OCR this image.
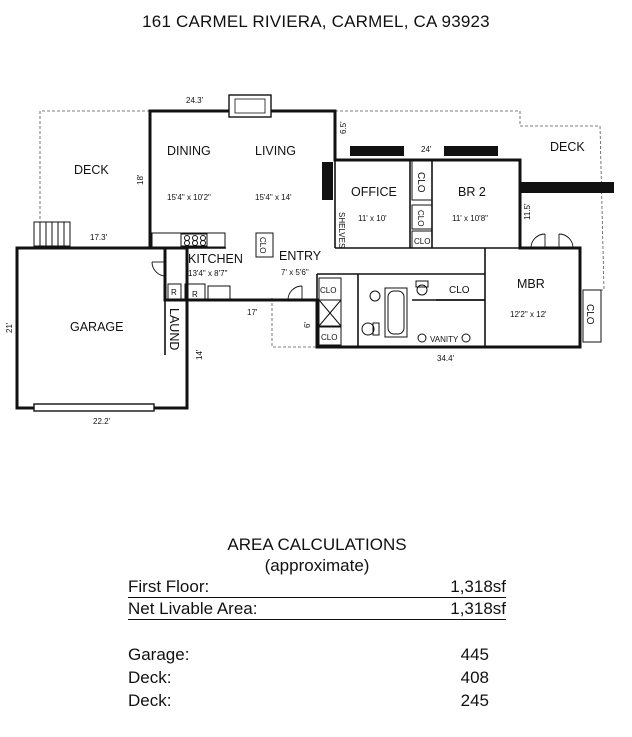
161 CARMEL RIVIERA, CARMEL, CA 93923
DECK
DINING
15'4" x 10'2"
LIVING
15'4" x 14'	OFFICE
11' x 10'
BR 2
11' x 10'8"
DECK
KITCHEN
13'4" x 8'7"
ENTRY
7' x 5'6"
MBR
12'2" x 12'
GARAGE
VANITY
LAUND
SHELVES
CLO
CLO
CLO
CLO
CLO
CLO
CLO
CLO
R R
24.3'
6.5'
24'
18'
11.5'
17.3'
17'
6'
21'
14'
22.2'
34.4'
AREA CALCULATIONS
(approximate)
First Floor:	1,318sf
Net Livable Area:	1,318sf
Garage:	445
Deck:	408
Deck:	245
